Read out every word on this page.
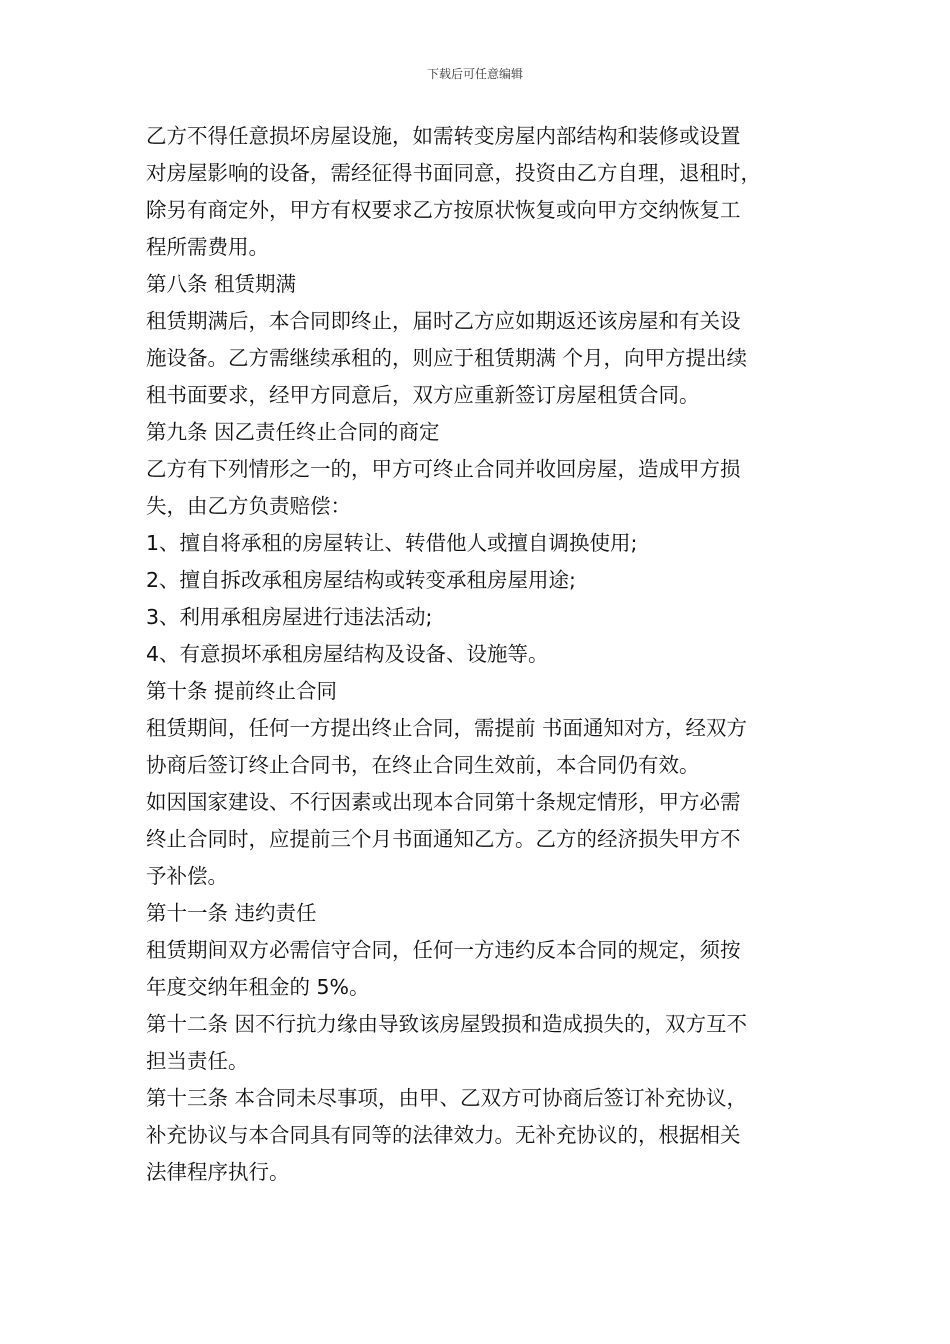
下载后可任意编辑

乙方不得任意损坏房屋设施，如需转变房屋内部结构和装修或设置

对房屋影响的设备，需经征得书面同意，投资由乙方自理，退租时，

除另有商定外，甲方有权要求乙方按原状恢复或向甲方交纳恢复工

程所需费用。

第八条 租赁期满

租赁期满后，本合同即终止，届时乙方应如期返还该房屋和有关设

施设备。乙方需继续承租的，则应于租赁期满 个月，向甲方提出续

租书面要求，经甲方同意后，双方应重新签订房屋租赁合同。

第九条 因乙责任终止合同的商定

乙方有下列情形之一的，甲方可终止合同并收回房屋，造成甲方损

失，由乙方负责赔偿：

1、擅自将承租的房屋转让、转借他人或擅自调换使用;

2、擅自拆改承租房屋结构或转变承租房屋用途;

3、利用承租房屋进行违法活动;

4、有意损坏承租房屋结构及设备、设施等。

第十条 提前终止合同

租赁期间，任何一方提出终止合同，需提前 书面通知对方，经双方

协商后签订终止合同书，在终止合同生效前，本合同仍有效。

如因国家建设、不行因素或出现本合同第十条规定情形，甲方必需

终止合同时，应提前三个月书面通知乙方。乙方的经济损失甲方不

予补偿。

第十一条 违约责任

租赁期间双方必需信守合同，任何一方违约反本合同的规定，须按

年度交纳年租金的 5%。

第十二条 因不行抗力缘由导致该房屋毁损和造成损失的，双方互不

担当责任。

第十三条 本合同未尽事项，由甲、乙双方可协商后签订补充协议，

补充协议与本合同具有同等的法律效力。无补充协议的，根据相关

法律程序执行。
